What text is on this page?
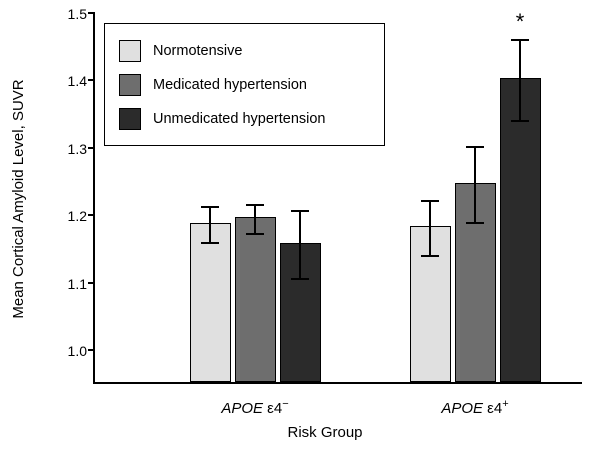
Mean Cortical Amyloid Level, SUVR
Risk Group
1.0
1.1
1.2
1.3
1.4
1.5
APOE ε4−
*
APOE ε4+
Normotensive
Medicated hypertension
Unmedicated hypertension
